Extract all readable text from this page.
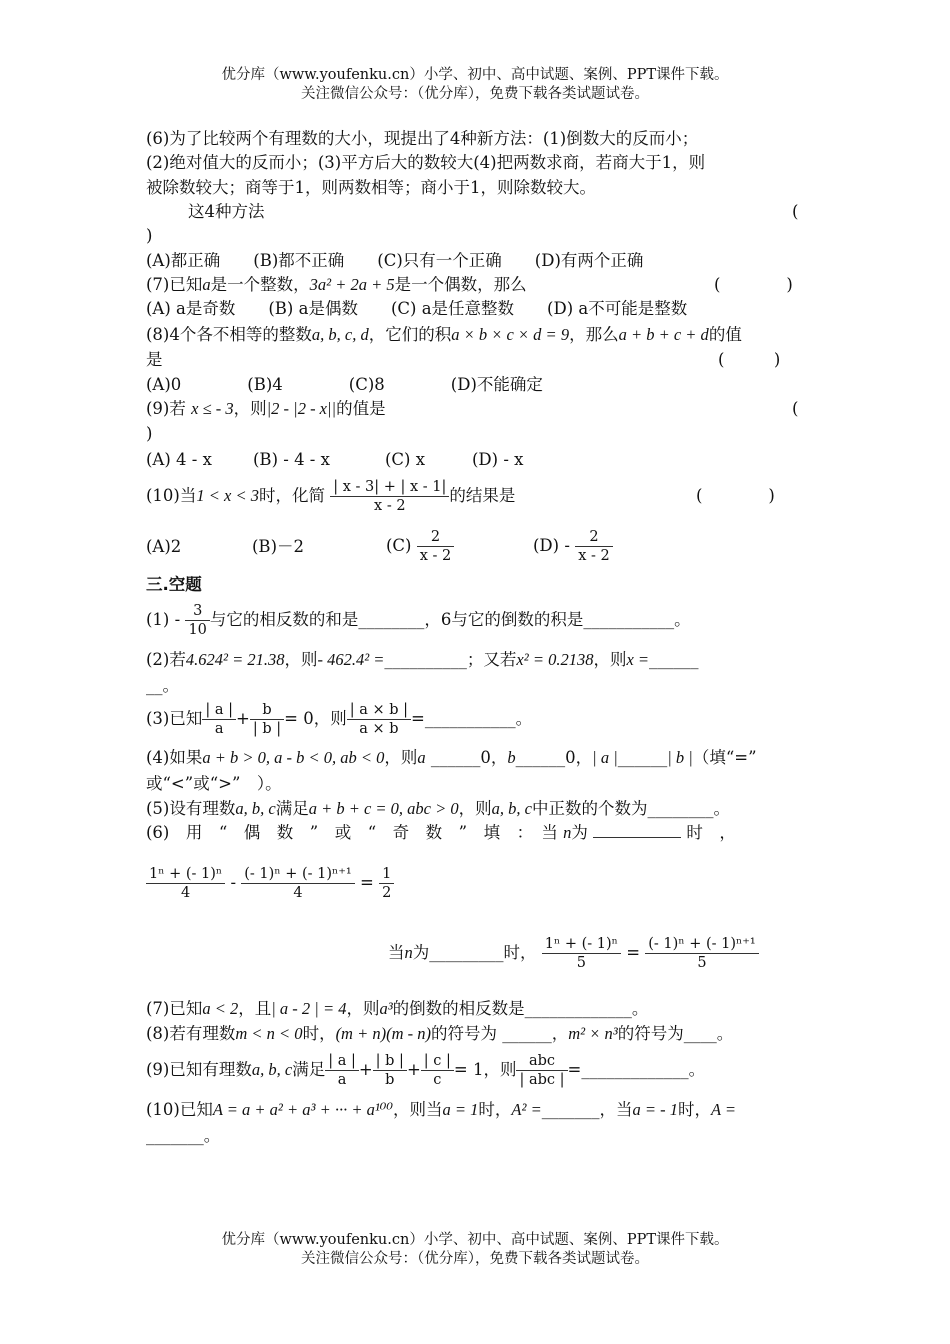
优分库（www.youfenku.cn）小学、初中、高中试题、案例、PPT课件下载。
关注微信公众号：（优分库），免费下载各类试题试卷。
(6)为了比较两个有理数的大小，现提出了4种新方法：(1)倒数大的反而小；
(2)绝对值大的反而小；(3)平方后大的数较大(4)把两数求商，若商大于1，则
被除数较大；商等于1，则两数相等；商小于1，则除数较大。
这4种方法	(
)
(A)都正确　　(B)都不正确　　(C)只有一个正确　　(D)有两个正确
(7)已知a是一个整数，3a² + 2a + 5是一个偶数，那么	(　　　　)
(A) a是奇数　　(B) a是偶数　　(C) a是任意整数　　(D) a不可能是整数
(8)4个各不相等的整数a, b, c, d，它们的积a × b × c × d = 9，那么a + b + c + d的值
是	(　　　)
(A)0　　　　(B)4　　　　(C)8　　　　(D)不能确定
(9)若 x ≤ - 3，则|2 - |2 - x||的值是	(
)
(A) 4 - x (B) - 4 - x	(C) x	(D) - x
(10)当1 < x < 3时，化简 $\frac{| x - 3| + | x - 1|}{x - 2}$ 的结果是	(　　　　)
(A)2	(B)－2	$(C) \frac{2}{x - 2}$	$(D) - \frac{2}{x - 2}$
三.空题
$(1) - \frac{3}{10}$ 与它的相反数的和是________，6与它的倒数的积是___________。
(2)若4.624² = 21.38，则- 462.4² =__________；又若x² = 0.2138，则x =______
__。
(3)已知 $\frac{| a |}{a} + \frac{b}{| b |} = 0$，则 $\frac{| a \times b |}{a \times b}$ =___________。
(4)如果a + b > 0, a - b < 0, ab < 0，则a ______0，b______0，| a |______| b |（填“=”
或“<”或“>”　）。
(5)设有理数a, b, c满足a + b + c = 0, abc > 0，则a, b, c中正数的个数为________。
(6)　用　“　偶　数　”　或　“　奇　数　”　填　：　当 n为	时　，
$\frac{\text{1ⁿ + (- 1)ⁿ}}{4} - \frac{\text{(- 1)ⁿ + (- 1)ⁿ⁺¹}}{4} = \frac{1}{2}$
当n为_________时， $\frac{\text{1ⁿ + (- 1)ⁿ}}{5} = \frac{\text{(- 1)ⁿ + (- 1)ⁿ⁺¹}}{5}$
(7)已知a < 2，且| a - 2 | = 4，则a³的倒数的相反数是_____________。
(8)若有理数m < n < 0时，(m + n)(m - n)的符号为 ______，m² × n³的符号为____。
(9)已知有理数a, b, c满足 $\frac{| a |}{a} + \frac{| b |}{b} + \frac{| c |}{c} = 1$，则 $\frac{\text{abc}}{\text{| abc |}}$ =_____________。
(10)已知A = a + a² + a³ + ··· + a¹⁰⁰，则当a = 1时，A² =_______，当a = - 1时，A =
_______。
优分库（www.youfenku.cn）小学、初中、高中试题、案例、PPT课件下载。
关注微信公众号：（优分库），免费下载各类试题试卷。
